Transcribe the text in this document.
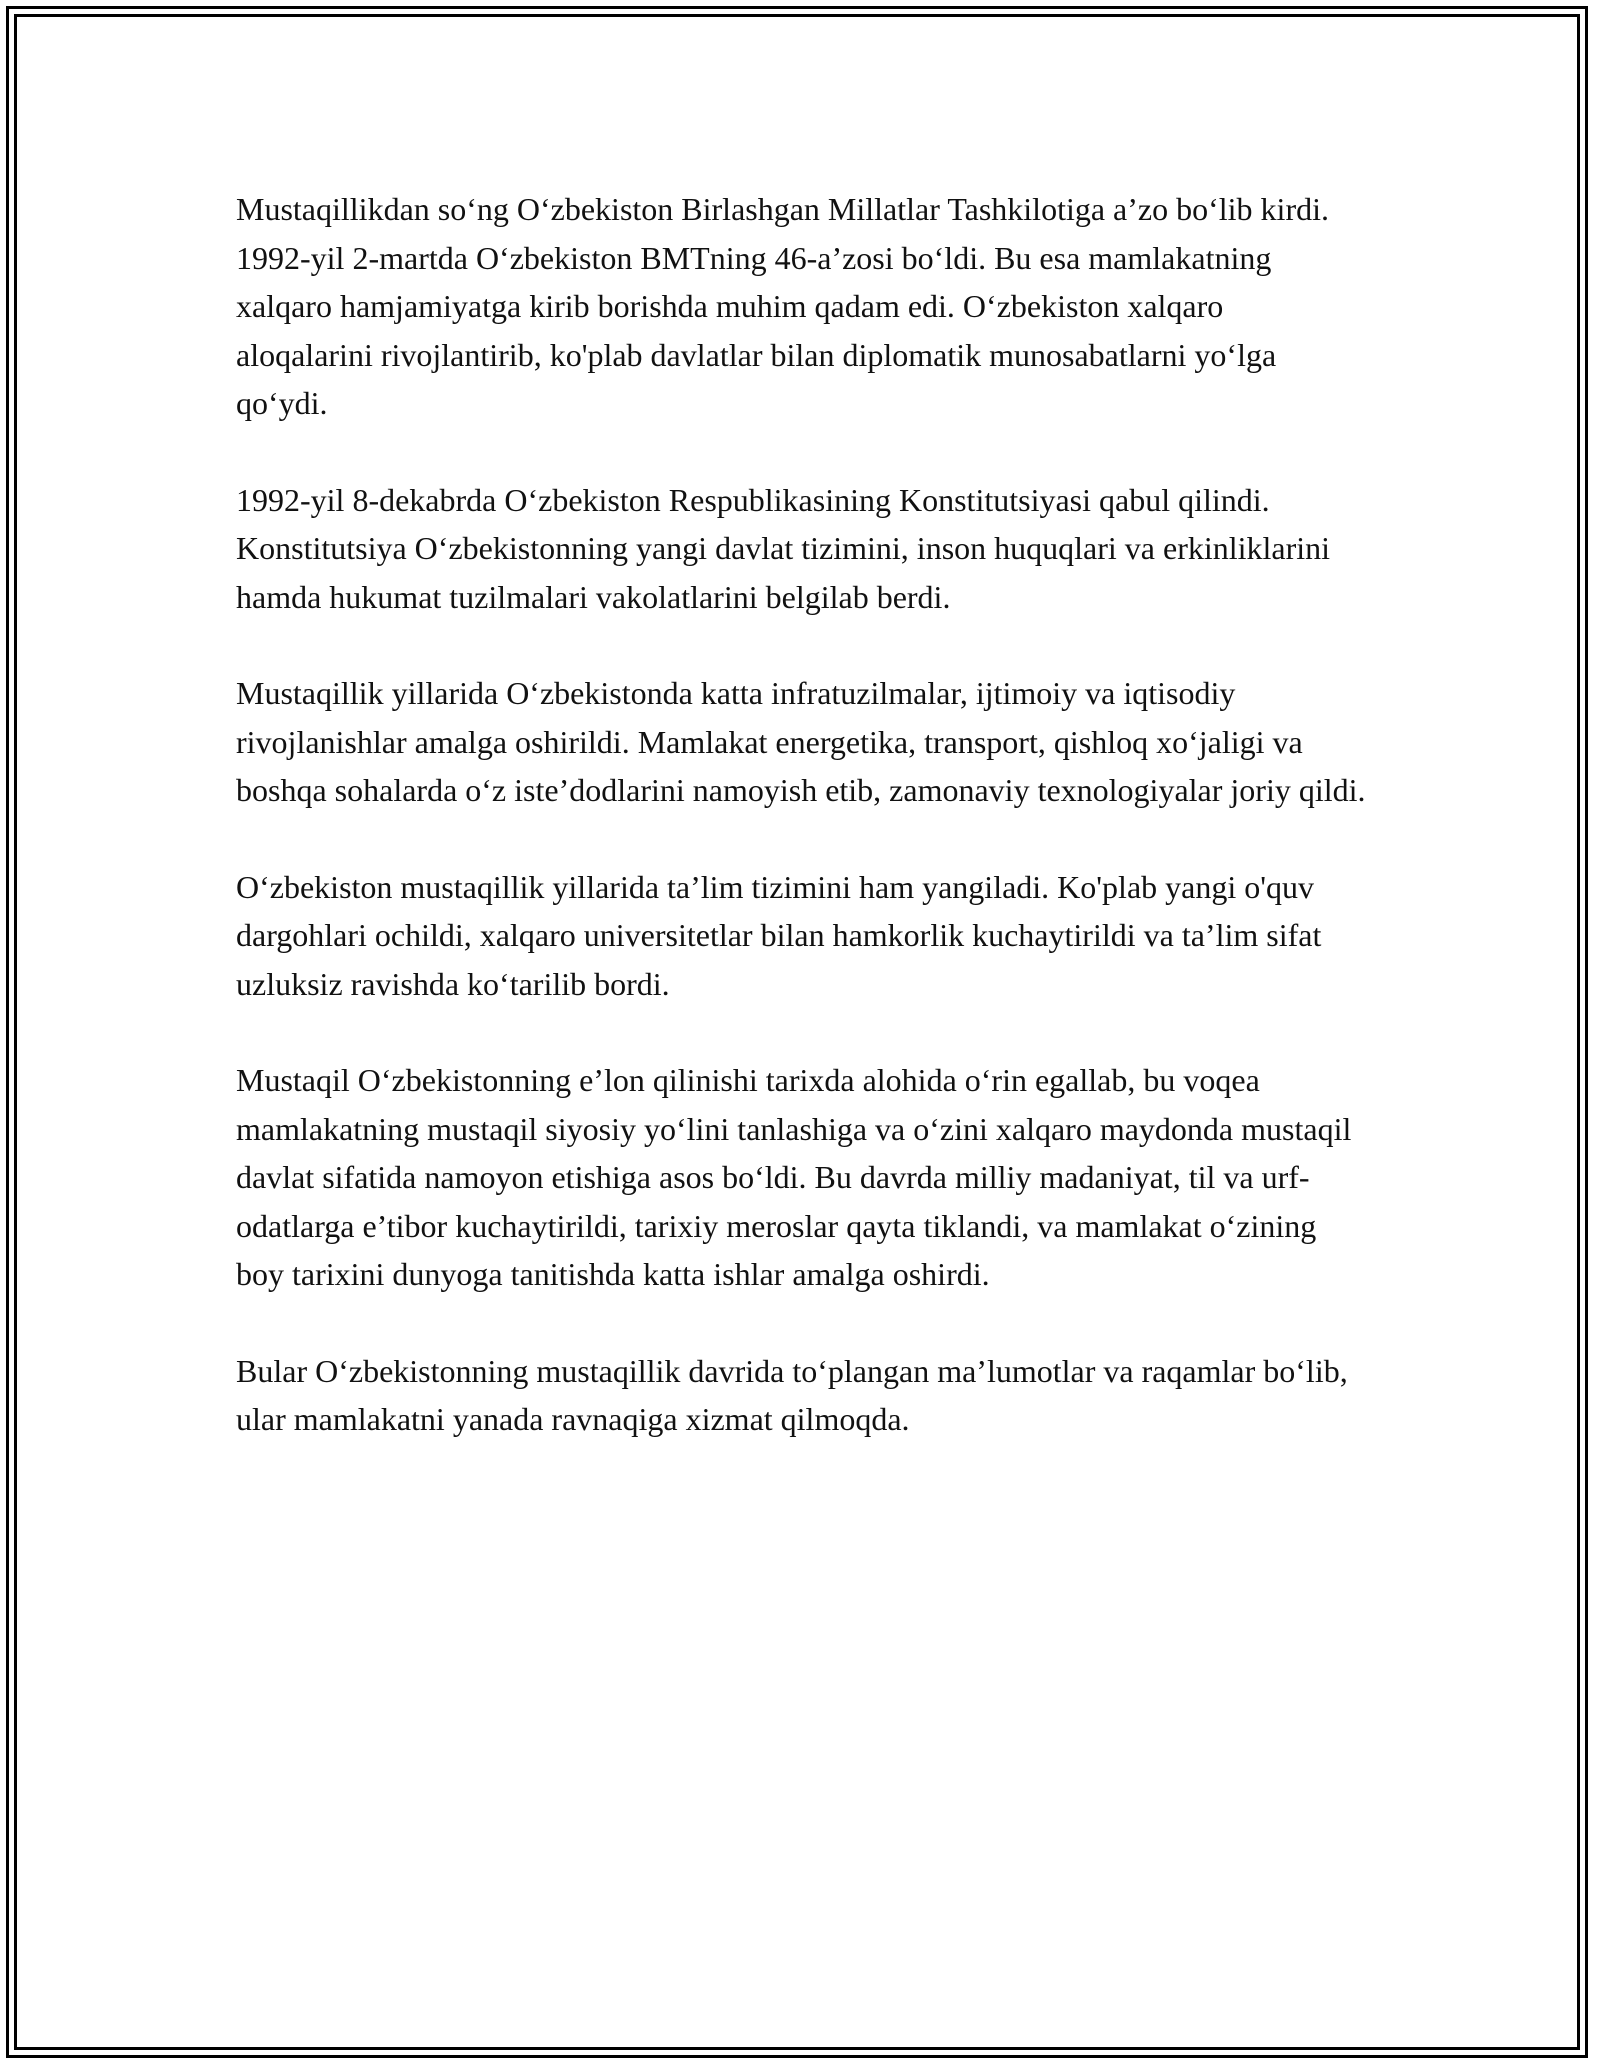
Mustaqillikdan so‘ng O‘zbekiston Birlashgan Millatlar Tashkilotiga a’zo bo‘lib kirdi. 1992-yil 2-martda O‘zbekiston BMTning 46-a’zosi bo‘ldi. Bu esa mamlakatning xalqaro hamjamiyatga kirib borishda muhim qadam edi. O‘zbekiston xalqaro aloqalarini rivojlantirib, ko'plab davlatlar bilan diplomatik munosabatlarni yo‘lga qo‘ydi.

1992-yil 8-dekabrda O‘zbekiston Respublikasining Konstitutsiyasi qabul qilindi. Konstitutsiya O‘zbekistonning yangi davlat tizimini, inson huquqlari va erkinliklarini hamda hukumat tuzilmalari vakolatlarini belgilab berdi.

Mustaqillik yillarida O‘zbekistonda katta infratuzilmalar, ijtimoiy va iqtisodiy rivojlanishlar amalga oshirildi. Mamlakat energetika, transport, qishloq xo‘jaligi va boshqa sohalarda o‘z iste’dodlarini namoyish etib, zamonaviy texnologiyalar joriy qildi.

O‘zbekiston mustaqillik yillarida ta’lim tizimini ham yangiladi. Ko'plab yangi o'quv dargohlari ochildi, xalqaro universitetlar bilan hamkorlik kuchaytirildi va ta’lim sifat uzluksiz ravishda ko‘tarilib bordi.

Mustaqil O‘zbekistonning e’lon qilinishi tarixda alohida o‘rin egallab, bu voqea mamlakatning mustaqil siyosiy yo‘lini tanlashiga va o‘zini xalqaro maydonda mustaqil davlat sifatida namoyon etishiga asos bo‘ldi. Bu davrda milliy madaniyat, til va urf-odatlarga e’tibor kuchaytirildi, tarixiy meroslar qayta tiklandi, va mamlakat o‘zining boy tarixini dunyoga tanitishda katta ishlar amalga oshirdi.

Bular O‘zbekistonning mustaqillik davrida to‘plangan ma’lumotlar va raqamlar bo‘lib, ular mamlakatni yanada ravnaqiga xizmat qilmoqda.
